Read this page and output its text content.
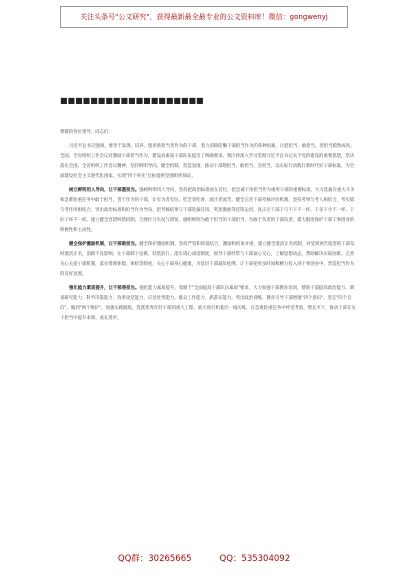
关注头条号"公文研究"，获得最新最全最专业的公文资料库！微信：gongwenyj
■■■■■■■■■■■■■■■■■■■

尊敬的各位领导、同志们：

习近平总书记强调，要善于发现、培养、使用新担当善作为的干部，着力消除防懒干部担当作为的各种因素，让愿担当、敢担当、善担当蔚然成风。全国、全省组织工作会议对激励干部担当作为，建设高素质干部队伍提出了明确要求。我区将深入学习贯彻习近平总书记关于党的建设的重要思想，坚决落实全国、全省组织工作会议精神，坚持鲜明导向、健全机制、营造氛围，推动干部想担当、敢担当、会担当，以实际行动践行新时代好干部标准，为全面建设社会主义现代化国家、实现"四个率先"目标提供坚强组织保证。

树立鲜明用人导向，让干部愿担当。强树鲜明用人导向，坚持把政治标准放在首位，把忠诚干净担当作为重用干部的重要标准，大力选拔在重大斗争和急难险重任务中敢于担当、善于作为的干部，让有为者有位、吃苦者吃香、流汗者流芳。健全完善干部考核评价机制，坚持考事与考人相结合，考实绩与考作风相结合，突出政治标准和担当作为导向，把考核结果与干部选拔任用、奖惩激励等挂钩运用，真正让干部干与不干不一样、干多干少不一样、干好干坏不一样。建立健全容错纠错机制，合理区分失误与错误，旗帜鲜明为敢于担当的干部担当、为敢于负责的干部负责，最大限度保护干部干事创业的积极性和主动性。

健全保护激励机制，让干部敢担当。健全保护激励机制，坚持严管和厚爱结合，激励和约束并重，建立健全澄清正名机制，对受到诬告陷害的干部及时澄清正名，消除不良影响，让干部卸下包袱、轻装前行。落实谈心谈话制度，领导干部经常与干部谈心交心，了解思想动态，帮助解决实际困难。完善关心关爱干部机制，落实带薪休假、体检等制度，关心干部身心健康，为基层干部减负松绑，让干部把更多时间和精力投入到干事创业中，营造担当作为的良好氛围。

强化能力素质提升，让干部善担当。强化能力素质提升，着眼于"全面提高干部队伍素质"要求，大力加强干部教育培训，帮助干部提高政治能力、调查研究能力、科学决策能力、改革攻坚能力、应急处突能力、群众工作能力、抓落实能力。突出政治训练，教育引导干部增强"四个意识"、坚定"四个自信"、做到"两个维护"。加强实践锻炼，选派优秀年轻干部到重大工程、重大项目和基层一线历练，在急难险重任务中经受考验、增长才干，推动干部在实干担当中提升本领、成长进步。

QQ群：30265665	QQ：535304092
